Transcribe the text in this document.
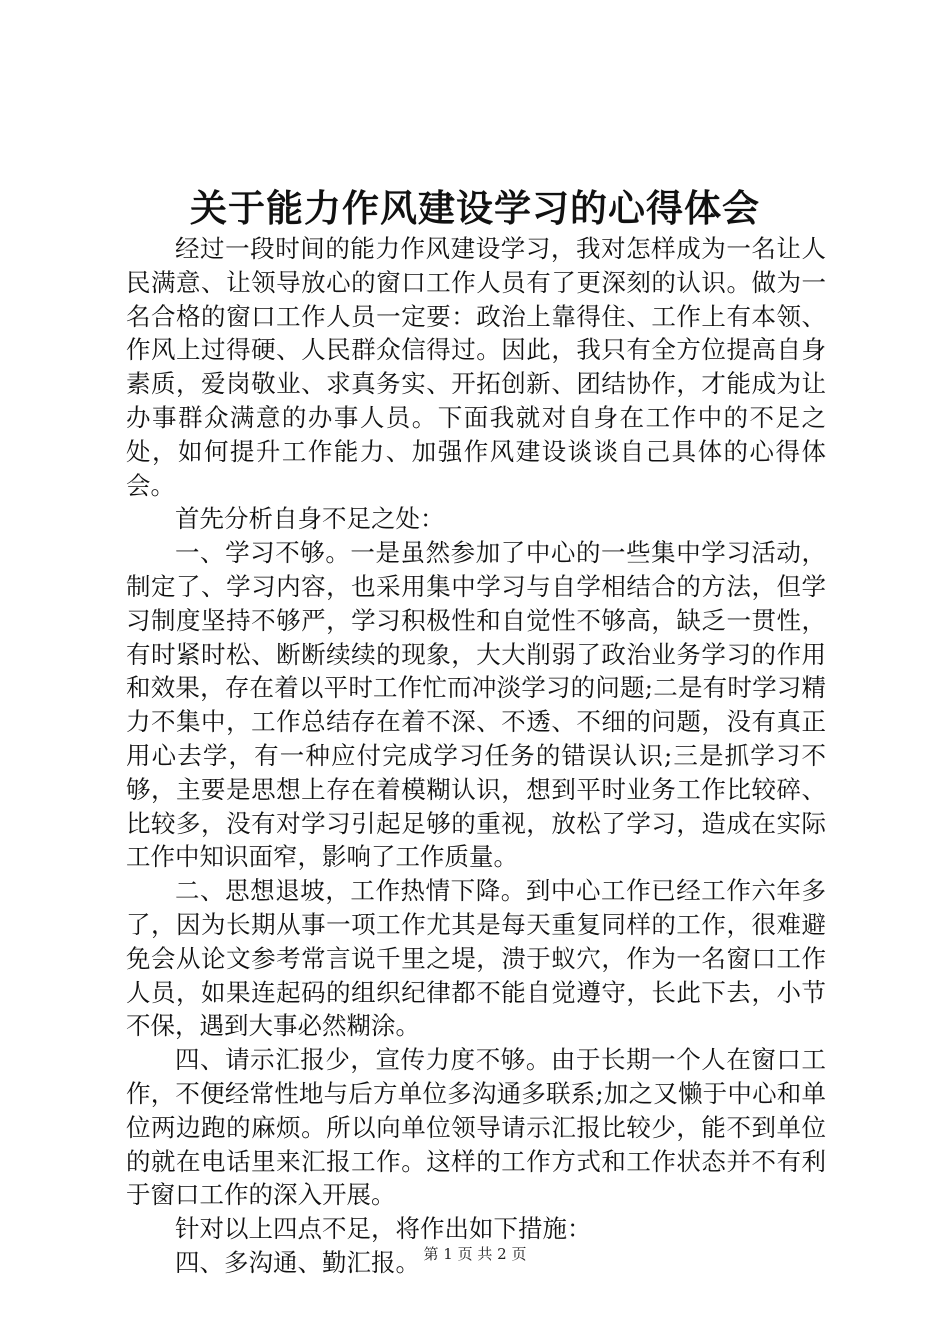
关于能力作风建设学习的心得体会

经过一段时间的能力作风建设学习，我对怎样成为一名让人民满意、让领导放心的窗口工作人员有了更深刻的认识。做为一名合格的窗口工作人员一定要：政治上靠得住、工作上有本领、作风上过得硬、人民群众信得过。因此，我只有全方位提高自身素质，爱岗敬业、求真务实、开拓创新、团结协作，才能成为让办事群众满意的办事人员。下面我就对自身在工作中的不足之处，如何提升工作能力、加强作风建设谈谈自己具体的心得体会。

首先分析自身不足之处：

一、学习不够。一是虽然参加了中心的一些集中学习活动，制定了、学习内容，也采用集中学习与自学相结合的方法，但学习制度坚持不够严，学习积极性和自觉性不够高，缺乏一贯性，有时紧时松、断断续续的现象，大大削弱了政治业务学习的作用和效果，存在着以平时工作忙而冲淡学习的问题;二是有时学习精力不集中，工作总结存在着不深、不透、不细的问题，没有真正用心去学，有一种应付完成学习任务的错误认识;三是抓学习不够，主要是思想上存在着模糊认识，想到平时业务工作比较碎、比较多，没有对学习引起足够的重视，放松了学习，造成在实际工作中知识面窄，影响了工作质量。

二、思想退坡，工作热情下降。到中心工作已经工作六年多了，因为长期从事一项工作尤其是每天重复同样的工作，很难避免会从论文参考常言说千里之堤，溃于蚁穴，作为一名窗口工作人员，如果连起码的组织纪律都不能自觉遵守，长此下去，小节不保，遇到大事必然糊涂。

四、请示汇报少，宣传力度不够。由于长期一个人在窗口工作，不便经常性地与后方单位多沟通多联系;加之又懒于中心和单位两边跑的麻烦。所以向单位领导请示汇报比较少，能不到单位的就在电话里来汇报工作。这样的工作方式和工作状态并不有利于窗口工作的深入开展。

针对以上四点不足，将作出如下措施：

四、多沟通、勤汇报。 第 1 页 共 2 页
